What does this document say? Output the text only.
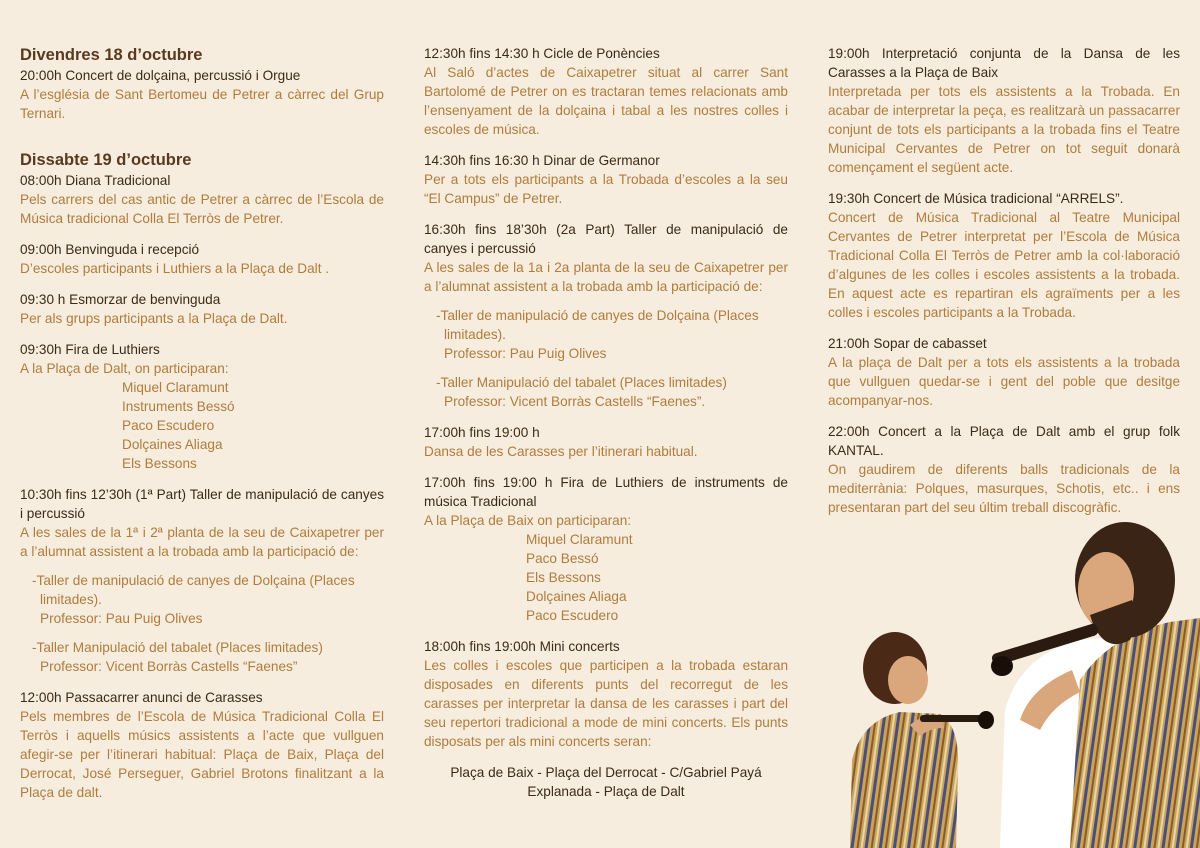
Divendres 18 d’octubre
20:00h Concert de dolçaina, percussió i Orgue
A l’església de Sant Bertomeu de Petrer a càrrec del Grup Ternari.
Dissabte 19 d’octubre
08:00h Diana Tradicional
Pels carrers del cas antic de Petrer a càrrec de l’Escola de Música tradicional Colla El Terròs de Petrer.
09:00h Benvinguda i recepció
D’escoles participants i Luthiers a la Plaça de Dalt .
09:30 h Esmorzar de benvinguda
Per als grups participants a la Plaça de Dalt.
09:30h Fira de Luthiers
A la Plaça de Dalt, on participaran:
Miquel Claramunt
Instruments Bessó
Paco Escudero
Dolçaines Aliaga
Els Bessons
10:30h fins 12’30h (1ª Part) Taller de manipulació de canyes i percussió
A les sales de la 1ª i 2ª planta de la seu de Caixapetrer per a l’alumnat assistent a la trobada amb la participació de:
-Taller de manipulació de canyes de Dolçaina (Places
limitades).
Professor: Pau Puig Olives
-Taller Manipulació del tabalet (Places limitades)
Professor: Vicent Borràs Castells “Faenes”
12:00h Passacarrer anunci de Carasses
Pels membres de l’Escola de Música Tradicional Colla El Terròs i aquells músics assistents a l’acte que vullguen afegir-se per l’itinerari habitual: Plaça de Baix, Plaça del Derrocat, José Perseguer, Gabriel Brotons finalitzant a la Plaça de dalt.
12:30h fins 14:30 h Cicle de Ponències
Al Saló d’actes de Caixapetrer situat al carrer Sant Bartolomé de Petrer on es tractaran temes relacionats amb l’ensenyament de la dolçaina i tabal a les nostres colles i escoles de música.
14:30h fins 16:30 h Dinar de Germanor
Per a tots els participants a la Trobada d’escoles a la seu “El Campus” de Petrer.
16:30h fins 18’30h (2a Part) Taller de manipulació de canyes i percussió
A les sales de la 1a i 2a planta de la seu de Caixapetrer per a l’alumnat assistent a la trobada amb la participació de:
-Taller de manipulació de canyes de Dolçaina (Places
limitades).
Professor: Pau Puig Olives
-Taller Manipulació del tabalet (Places limitades)
Professor: Vicent Borràs Castells “Faenes”.
17:00h fins 19:00 h
Dansa de les Carasses per l’itinerari habitual.
17:00h fins 19:00 h Fira de Luthiers de instruments de música Tradicional
A la Plaça de Baix on participaran:
Miquel Claramunt
Paco Bessó
Els Bessons
Dolçaines Aliaga
Paco Escudero
18:00h fins 19:00h Mini concerts
Les colles i escoles que participen a la trobada estaran disposades en diferents punts del recorregut de les carasses per interpretar la dansa de les carasses i part del seu repertori tradicional a mode de mini concerts. Els punts disposats per als mini concerts seran:
Plaça de Baix - Plaça del Derrocat - C/Gabriel Payá
Explanada - Plaça de Dalt
19:00h Interpretació conjunta de la Dansa de les Carasses a la Plaça de Baix
Interpretada per tots els assistents a la Trobada. En acabar de interpretar la peça, es realitzarà un passacarrer conjunt de tots els participants a la trobada fins el Teatre Municipal Cervantes de Petrer on tot seguit donarà començament el següent acte.
19:30h Concert de Música tradicional “ARRELS”.
Concert de Música Tradicional al Teatre Municipal Cervantes de Petrer interpretat per l’Escola de Música Tradicional Colla El Terròs de Petrer amb la col·laboració d’algunes de les colles i escoles assistents a la trobada. En aquest acte es repartiran els agraïments per a les colles i escoles participants a la Trobada.
21:00h Sopar de cabasset
A la plaça de Dalt per a tots els assistents a la trobada que vullguen quedar-se i gent del poble que desitge acompanyar-nos.
22:00h Concert a la Plaça de Dalt amb el grup folk KANTAL.
On gaudirem de diferents balls tradicionals de la mediterrània: Polques, masurques, Schotis, etc.. i ens presentaran part del seu últim treball discogràfic.
